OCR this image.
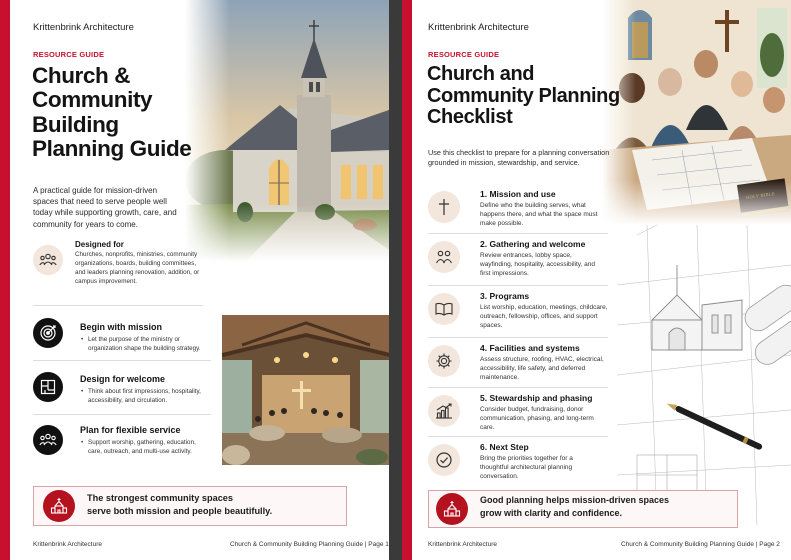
Krittenbrink Architecture
RESOURCE GUIDE
Church &
Community
Building
Planning Guide
A practical guide for mission-driven spaces that need to serve people well today while supporting growth, care, and community for years to come.
Designed for
Churches, nonprofits, ministries, community organizations, boards, building committees, and leaders planning renovation, addition, or campus improvement.
Begin with mission
• Let the purpose of the ministry or organization shape the building strategy.
Design for welcome
• Think about first impressions, hospitality, accessibility, and circulation.
Plan for flexible service
• Support worship, gathering, education, care, outreach, and multi-use activity.
The strongest community spaces
serve both mission and people beautifully.
Krittenbrink Architecture	Church & Community Building Planning Guide | Page 1
HOLY BIBLE
Krittenbrink Architecture
RESOURCE GUIDE
Church and
Community Planning
Checklist
Use this checklist to prepare for a planning conversation grounded in mission, stewardship, and service.
1. Mission and use
Define who the building serves, what happens there, and what the space must make possible.
2. Gathering and welcome
Review entrances, lobby space, wayfinding, hospitality, accessibility, and first impressions.
3. Programs
List worship, education, meetings, childcare, outreach, fellowship, offices, and support spaces.
4. Facilities and systems
Assess structure, roofing, HVAC, electrical, accessibility, life safety, and deferred maintenance.
5. Stewardship and phasing
Consider budget, fundraising, donor communication, phasing, and long-term care.
6. Next Step
Bring the priorities together for a thoughtful architectural planning conversation.
Good planning helps mission-driven spaces
grow with clarity and confidence.
Krittenbrink Architecture	Church & Community Building Planning Guide | Page 2
